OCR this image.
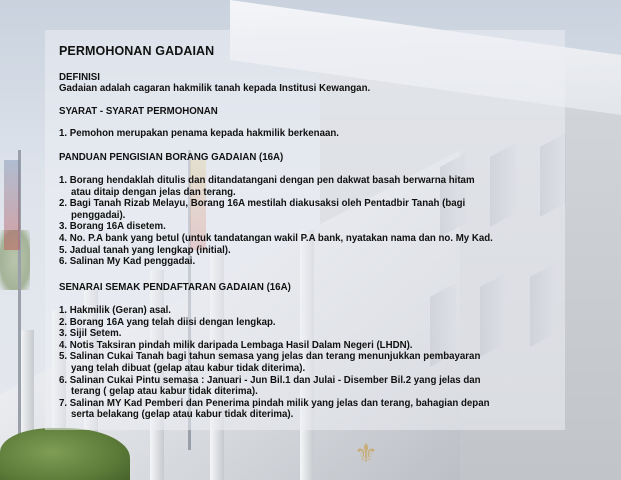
⚜
PERMOHONAN GADAIAN
DEFINISI
Gadaian adalah cagaran hakmilik tanah kepada Institusi Kewangan.
SYARAT - SYARAT PERMOHONAN
1. Pemohon merupakan penama kepada hakmilik berkenaan.
PANDUAN PENGISIAN BORANG GADAIAN (16A)
1. Borang hendaklah ditulis dan ditandatangani dengan pen dakwat basah berwarna hitam
atau ditaip dengan jelas dan terang.
2. Bagi Tanah Rizab Melayu, Borang 16A mestilah diakusaksi oleh Pentadbir Tanah (bagi
penggadai).
3. Borang 16A disetem.
4. No. P.A bank yang betul (untuk tandatangan wakil P.A bank, nyatakan nama dan no. My Kad.
5. Jadual tanah yang lengkap (initial).
6. Salinan My Kad penggadai.
SENARAI SEMAK PENDAFTARAN GADAIAN (16A)
1. Hakmilik (Geran) asal.
2. Borang 16A yang telah diisi dengan lengkap.
3. Sijil Setem.
4. Notis Taksiran pindah milik daripada Lembaga Hasil Dalam Negeri (LHDN).
5. Salinan Cukai Tanah bagi tahun semasa yang jelas dan terang menunjukkan pembayaran
yang telah dibuat (gelap atau kabur tidak diterima).
6. Salinan Cukai Pintu semasa : Januari - Jun Bil.1 dan Julai - Disember Bil.2 yang jelas dan
terang ( gelap atau kabur tidak diterima).
7. Salinan MY Kad Pemberi dan Penerima pindah milik yang jelas dan terang, bahagian depan
serta belakang (gelap atau kabur tidak diterima).
